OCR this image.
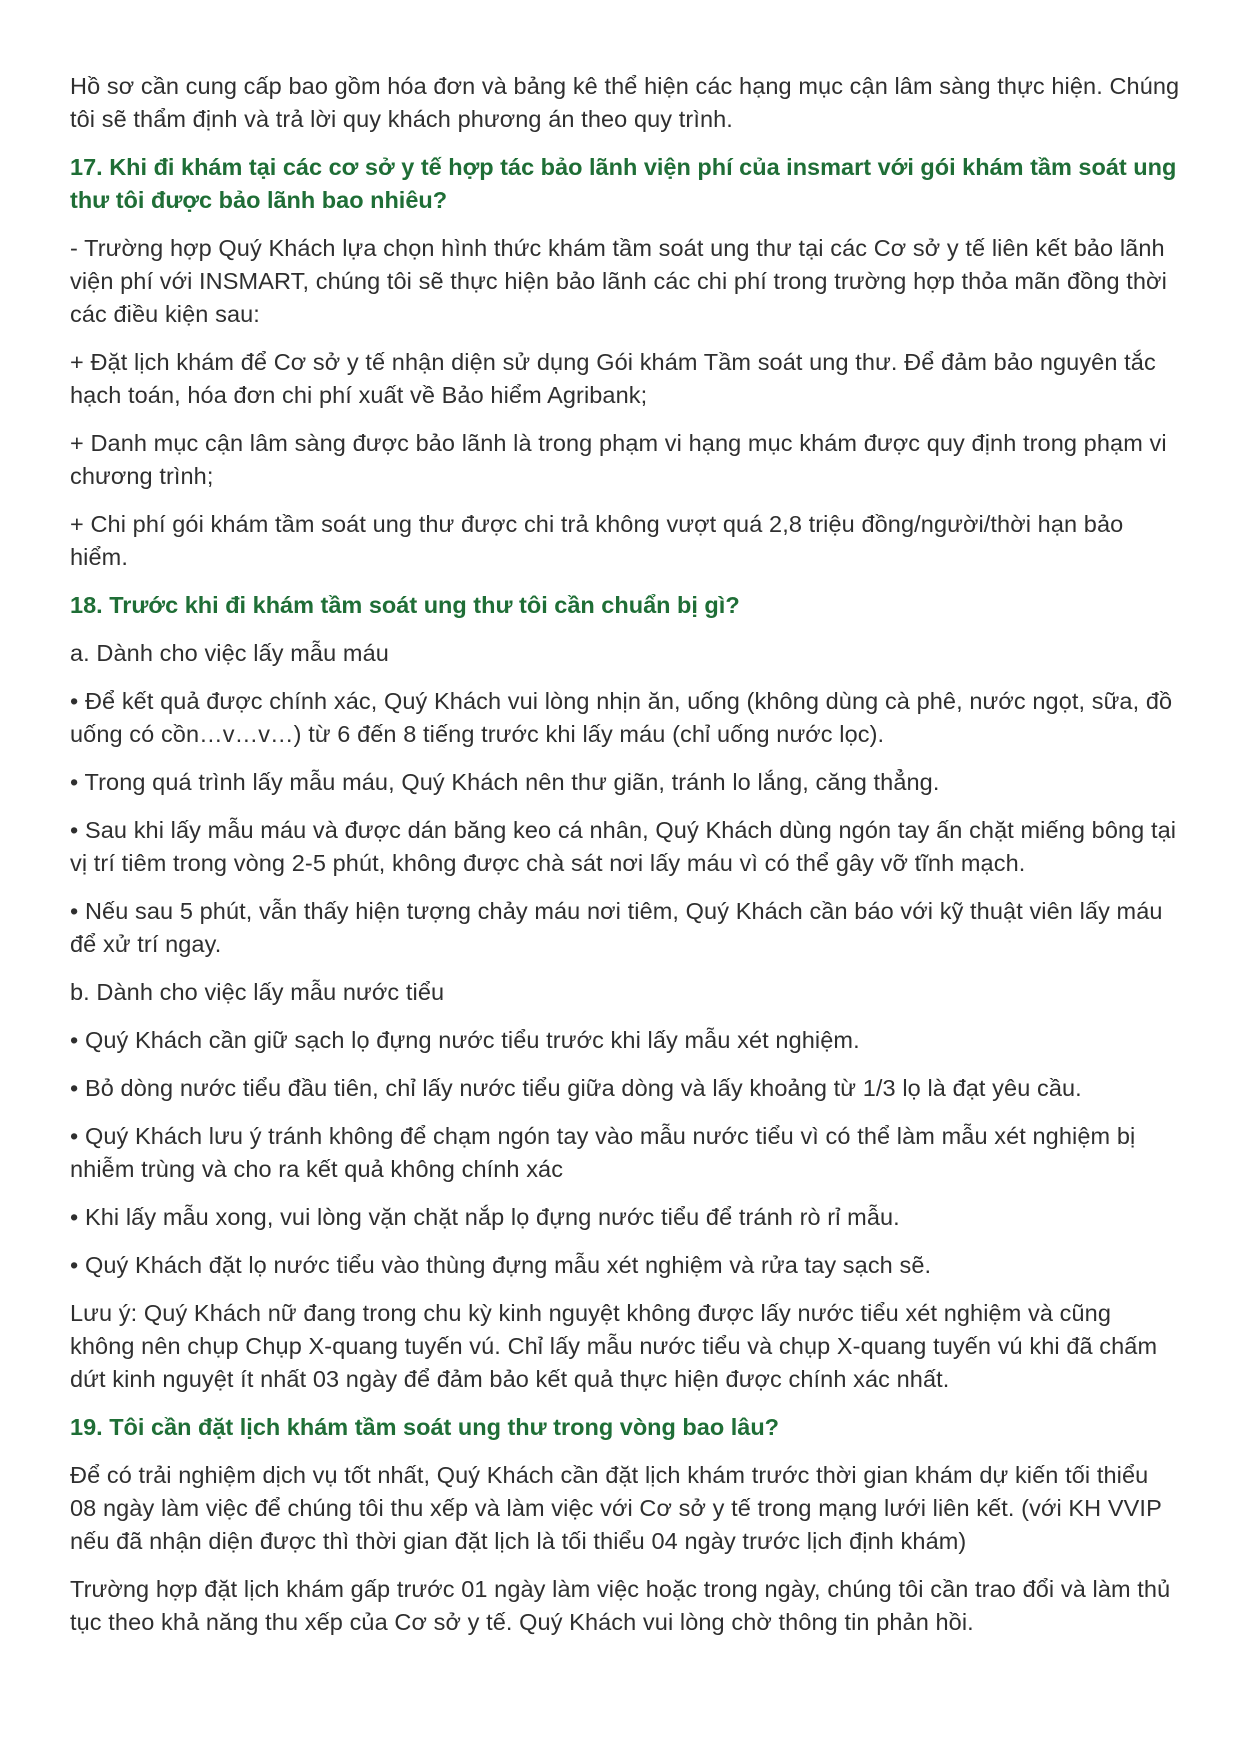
Hồ sơ cần cung cấp bao gồm hóa đơn và bảng kê thể hiện các hạng mục cận lâm sàng thực hiện. Chúng tôi sẽ thẩm định và trả lời quy khách phương án theo quy trình.

17. Khi đi khám tại các cơ sở y tế hợp tác bảo lãnh viện phí của insmart với gói khám tầm soát ung thư tôi được bảo lãnh bao nhiêu?

- Trường hợp Quý Khách lựa chọn hình thức khám tầm soát ung thư tại các Cơ sở y tế liên kết bảo lãnh viện phí với INSMART, chúng tôi sẽ thực hiện bảo lãnh các chi phí trong trường hợp thỏa mãn đồng thời các điều kiện sau:

+ Đặt lịch khám để Cơ sở y tế nhận diện sử dụng Gói khám Tầm soát ung thư. Để đảm bảo nguyên tắc hạch toán, hóa đơn chi phí xuất về Bảo hiểm Agribank;

+ Danh mục cận lâm sàng được bảo lãnh là trong phạm vi hạng mục khám được quy định trong phạm vi chương trình;

+ Chi phí gói khám tầm soát ung thư được chi trả không vượt quá 2,8 triệu đồng/người/thời hạn bảo hiểm.

18. Trước khi đi khám tầm soát ung thư tôi cần chuẩn bị gì?

a. Dành cho việc lấy mẫu máu

• Để kết quả được chính xác, Quý Khách vui lòng nhịn ăn, uống (không dùng cà phê, nước ngọt, sữa, đồ uống có cồn…v…v…) từ 6 đến 8 tiếng trước khi lấy máu (chỉ uống nước lọc).

• Trong quá trình lấy mẫu máu, Quý Khách nên thư giãn, tránh lo lắng, căng thẳng.

• Sau khi lấy mẫu máu và được dán băng keo cá nhân, Quý Khách dùng ngón tay ấn chặt miếng bông tại vị trí tiêm trong vòng 2-5 phút, không được chà sát nơi lấy máu vì có thể gây vỡ tĩnh mạch.

• Nếu sau 5 phút, vẫn thấy hiện tượng chảy máu nơi tiêm, Quý Khách cần báo với kỹ thuật viên lấy máu để xử trí ngay.

b. Dành cho việc lấy mẫu nước tiểu

• Quý Khách cần giữ sạch lọ đựng nước tiểu trước khi lấy mẫu xét nghiệm.

• Bỏ dòng nước tiểu đầu tiên, chỉ lấy nước tiểu giữa dòng và lấy khoảng từ 1/3 lọ là đạt yêu cầu.

• Quý Khách lưu ý tránh không để chạm ngón tay vào mẫu nước tiểu vì có thể làm mẫu xét nghiệm bị nhiễm trùng và cho ra kết quả không chính xác

• Khi lấy mẫu xong, vui lòng vặn chặt nắp lọ đựng nước tiểu để tránh rò rỉ mẫu.

• Quý Khách đặt lọ nước tiểu vào thùng đựng mẫu xét nghiệm và rửa tay sạch sẽ.

Lưu ý: Quý Khách nữ đang trong chu kỳ kinh nguyệt không được lấy nước tiểu xét nghiệm và cũng không nên chụp Chụp X-quang tuyến vú. Chỉ lấy mẫu nước tiểu và chụp X-quang tuyến vú khi đã chấm dứt kinh nguyệt ít nhất 03 ngày để đảm bảo kết quả thực hiện được chính xác nhất.

19. Tôi cần đặt lịch khám tầm soát ung thư trong vòng bao lâu?

Để có trải nghiệm dịch vụ tốt nhất, Quý Khách cần đặt lịch khám trước thời gian khám dự kiến tối thiểu 08 ngày làm việc để chúng tôi thu xếp và làm việc với Cơ sở y tế trong mạng lưới liên kết. (với KH VVIP nếu đã nhận diện được thì thời gian đặt lịch là tối thiểu 04 ngày trước lịch định khám)

Trường hợp đặt lịch khám gấp trước 01 ngày làm việc hoặc trong ngày, chúng tôi cần trao đổi và làm thủ tục theo khả năng thu xếp của Cơ sở y tế. Quý Khách vui lòng chờ thông tin phản hồi.
